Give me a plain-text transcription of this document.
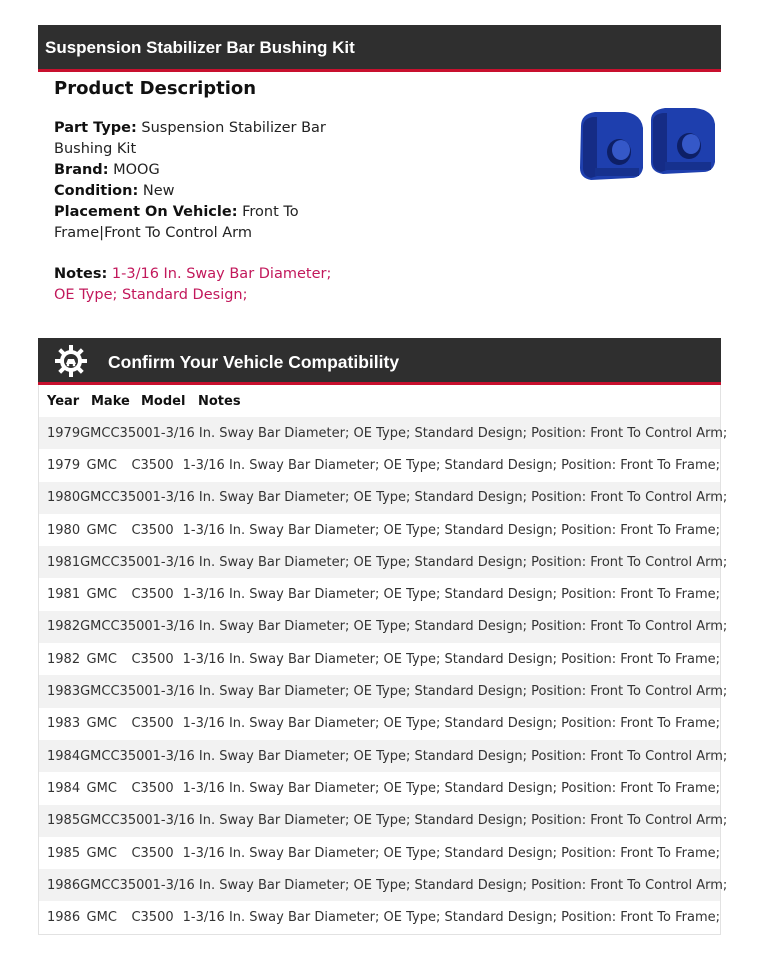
Suspension Stabilizer Bar Bushing Kit
Product Description
Part Type: Suspension Stabilizer Bar Bushing Kit
Brand: MOOG
Condition: New
Placement On Vehicle: Front To Frame|Front To Control Arm
Notes: 1-3/16 In. Sway Bar Diameter; OE Type; Standard Design;
Confirm Your Vehicle Compatibility
Year Make Model Notes
1979 GMC C3500 1-3/16 In. Sway Bar Diameter; OE Type; Standard Design; Position: Front To Control Arm;
1979 GMC	C3500 1-3/16 In. Sway Bar Diameter; OE Type; Standard Design; Position: Front To Frame;
1980 GMC C3500 1-3/16 In. Sway Bar Diameter; OE Type; Standard Design; Position: Front To Control Arm;
1980 GMC	C3500 1-3/16 In. Sway Bar Diameter; OE Type; Standard Design; Position: Front To Frame;
1981 GMC C3500 1-3/16 In. Sway Bar Diameter; OE Type; Standard Design; Position: Front To Control Arm;
1981 GMC	C3500 1-3/16 In. Sway Bar Diameter; OE Type; Standard Design; Position: Front To Frame;
1982 GMC C3500 1-3/16 In. Sway Bar Diameter; OE Type; Standard Design; Position: Front To Control Arm;
1982 GMC	C3500 1-3/16 In. Sway Bar Diameter; OE Type; Standard Design; Position: Front To Frame;
1983 GMC C3500 1-3/16 In. Sway Bar Diameter; OE Type; Standard Design; Position: Front To Control Arm;
1983 GMC	C3500 1-3/16 In. Sway Bar Diameter; OE Type; Standard Design; Position: Front To Frame;
1984 GMC C3500 1-3/16 In. Sway Bar Diameter; OE Type; Standard Design; Position: Front To Control Arm;
1984 GMC	C3500 1-3/16 In. Sway Bar Diameter; OE Type; Standard Design; Position: Front To Frame;
1985 GMC C3500 1-3/16 In. Sway Bar Diameter; OE Type; Standard Design; Position: Front To Control Arm;
1985 GMC	C3500 1-3/16 In. Sway Bar Diameter; OE Type; Standard Design; Position: Front To Frame;
1986 GMC C3500 1-3/16 In. Sway Bar Diameter; OE Type; Standard Design; Position: Front To Control Arm;
1986 GMC	C3500 1-3/16 In. Sway Bar Diameter; OE Type; Standard Design; Position: Front To Frame;
